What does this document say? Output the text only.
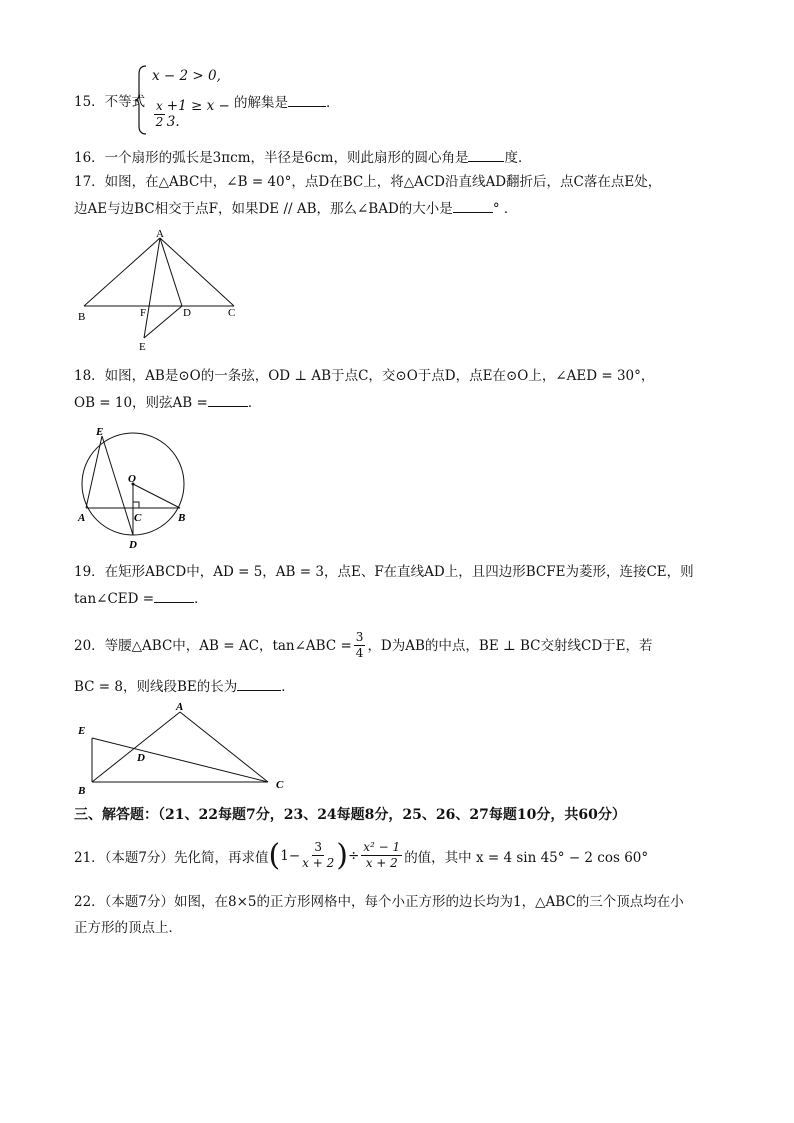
15．不等式
x − 2 > 0,
$\frac{x}{2} +1 \ge x - 3$.
的解集是	．
16．一个扇形的弧长是3πcm，半径是6cm，则此扇形的圆心角是	度．
17．如图，在△ABC中，∠B = 40°，点D在BC上，将△ACD沿直线AD翻折后，点C落在点E处，
边AE与边BC相交于点F，如果DE // AB，那么∠BAD的大小是	° ．
A
B	C
D
E
F
18．如图，AB是⊙O的一条弦，OD ⊥ AB于点C，交⊙O于点D，点E在⊙O上，∠AED = 30°，
OB = 10，则弦AB =	．
E
O
A	C	B
D
19．在矩形ABCD中，AD = 5，AB = 3，点E、F在直线AD上，且四边形BCFE为菱形，连接CE，则
tan∠CED =	．
20．等腰△ABC中，AB = AC，tan∠ABC = $\frac{3}{4}$ ，D为AB的中点，BE ⊥ BC交射线CD于E，若
BC = 8，则线段BE的长为	．
A
E
D
B	C
三、解答题：（21、22每题7分，23、24每题8分，25、26、27每题10分，共60分）
21．（本题7分）先化简，再求值 ( $1- \frac{3}{x + 2}$ ) ÷ $\frac{\text{x² − 1}}{x + 2}$ 的值，其中 x = 4 sin 45° − 2 cos 60°
22．（本题7分）如图，在8×5的正方形网格中，每个小正方形的边长均为1，△ABC的三个顶点均在小
正方形的顶点上．
